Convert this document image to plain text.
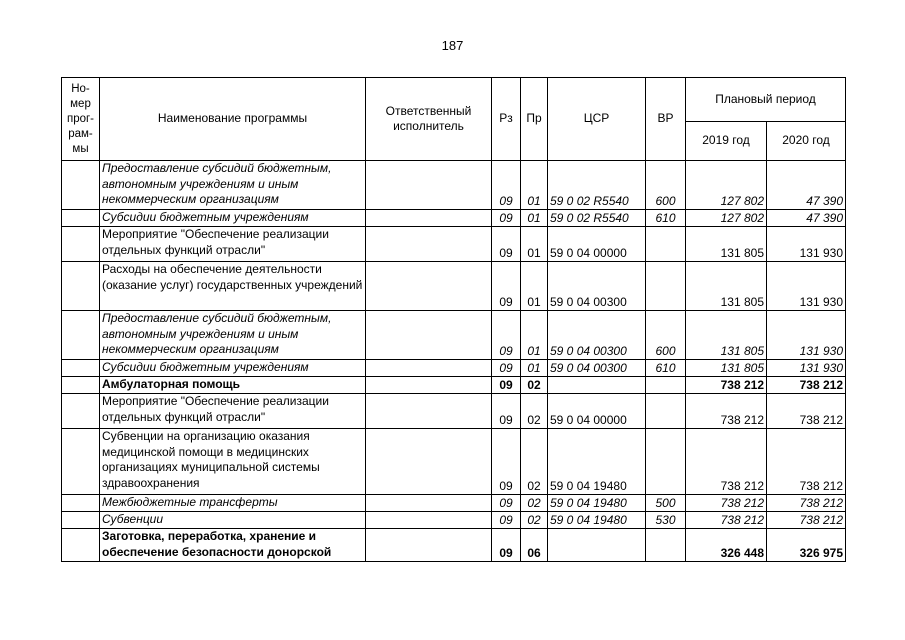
187
Но-мер прог-рам-мы	Наименование программы	Ответственный исполнитель	Рз	Пр	ЦСР	ВР	Плановый период	
							2019 год	2020 год
	Предоставление субсидий бюджетным, автономным учреждениям и иным некоммерческим организациям		09	01	59 0 02 R5540	600	127 802	47 390
	Субсидии бюджетным учреждениям		09	01	59 0 02 R5540	610	127 802	47 390
	Мероприятие "Обеспечение реализации отдельных функций отрасли"		09	01	59 0 04 00000		131 805	131 930
	Расходы на обеспечение деятельности (оказание услуг) государственных учреждений		09	01	59 0 04 00300		131 805	131 930
	Предоставление субсидий бюджетным, автономным учреждениям и иным некоммерческим организациям		09	01	59 0 04 00300	600	131 805	131 930
	Субсидии бюджетным учреждениям		09	01	59 0 04 00300	610	131 805	131 930
	Амбулаторная помощь		09	02			738 212	738 212
	Мероприятие "Обеспечение реализации отдельных функций отрасли"		09	02	59 0 04 00000		738 212	738 212
	Субвенции на организацию оказания медицинской помощи в медицинских организациях муниципальной системы здравоохранения		09	02	59 0 04 19480		738 212	738 212
	Межбюджетные трансферты		09	02	59 0 04 19480	500	738 212	738 212
	Субвенции		09	02	59 0 04 19480	530	738 212	738 212
	Заготовка, переработка, хранение и обеспечение безопасности донорской		09	06			326 448	326 975
